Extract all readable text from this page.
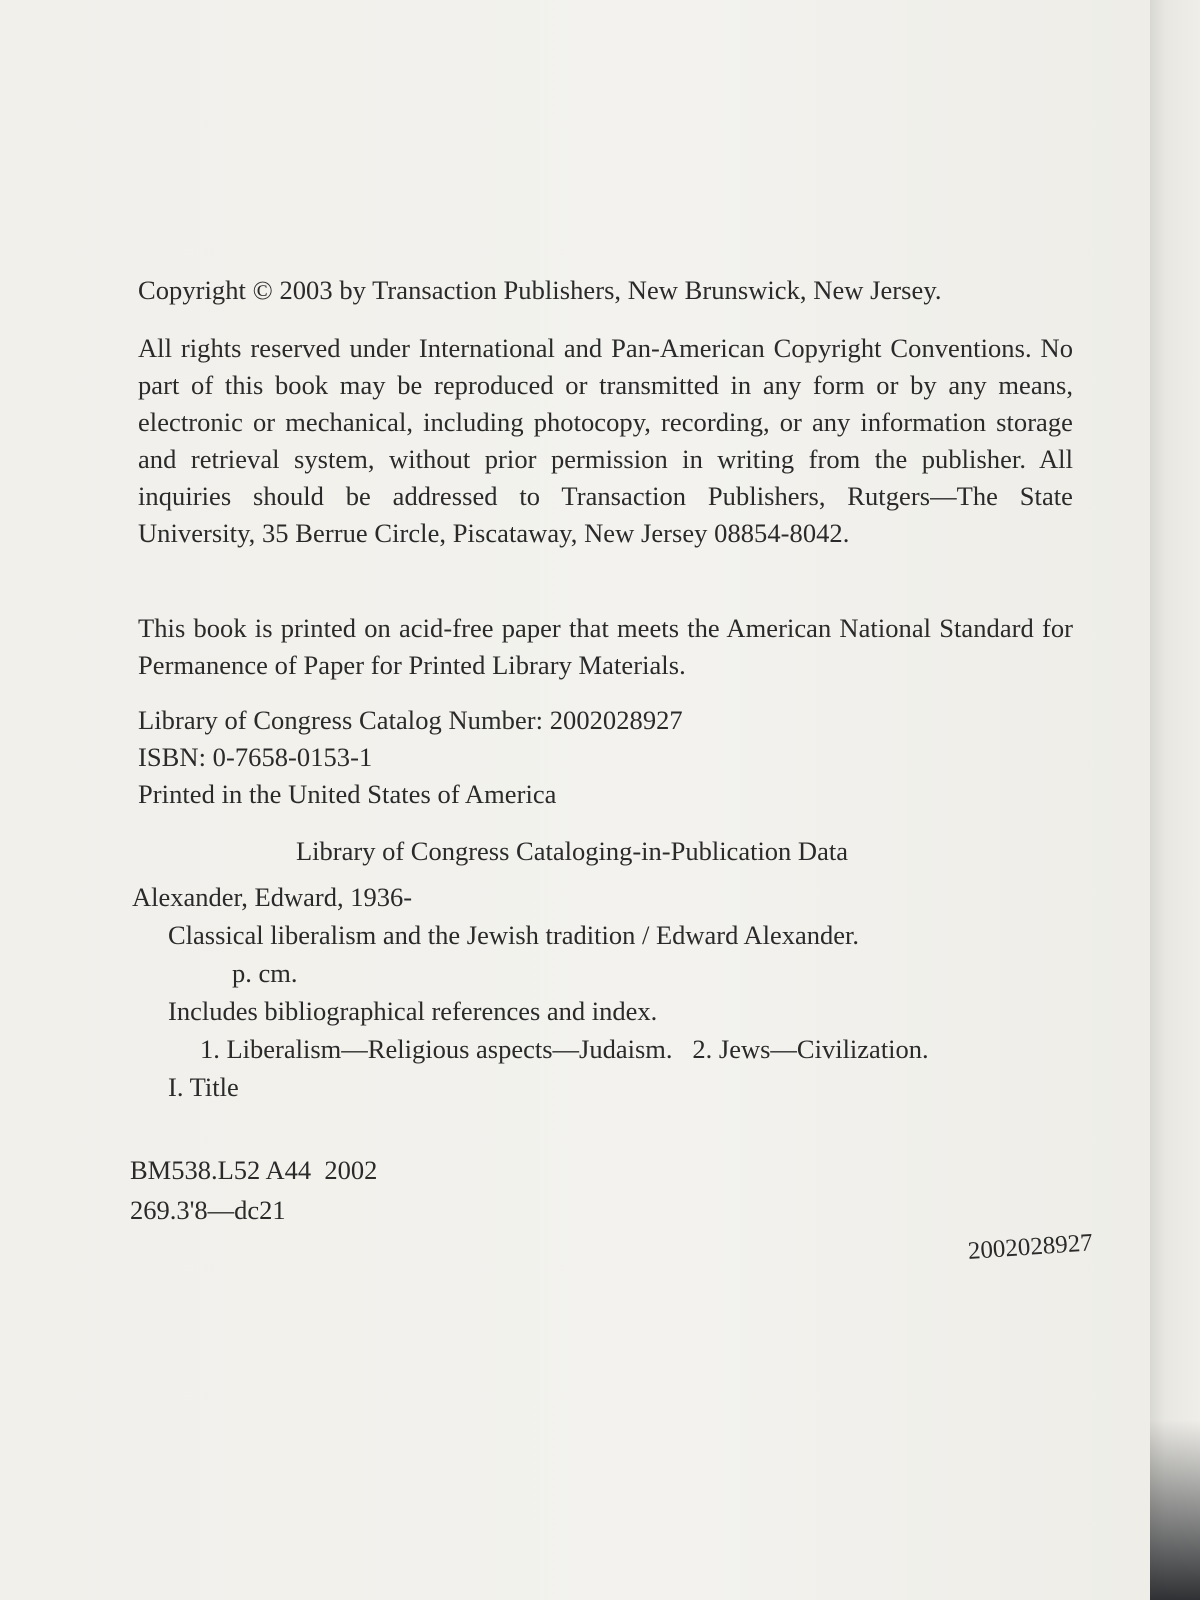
Copyright © 2003 by Transaction Publishers, New Brunswick, New Jersey.
All rights reserved under International and Pan-American Copyright Conventions. No part of this book may be reproduced or transmitted in any form or by any means, electronic or mechanical, including photocopy, recording, or any information storage and retrieval system, without prior permission in writing from the publisher. All inquiries should be addressed to Transaction Publishers, Rutgers—The State University, 35 Berrue Circle, Piscataway, New Jersey 08854-8042.
This book is printed on acid-free paper that meets the American National Standard for Permanence of Paper for Printed Library Materials.
Library of Congress Catalog Number: 2002028927
ISBN: 0-7658-0153-1
Printed in the United States of America
Library of Congress Cataloging-in-Publication Data
Alexander, Edward, 1936-
Classical liberalism and the Jewish tradition / Edward Alexander.
p. cm.
Includes bibliographical references and index.
1. Liberalism—Religious aspects—Judaism.   2. Jews—Civilization.
I. Title
BM538.L52 A44  2002
269.3'8—dc21
2002028927
